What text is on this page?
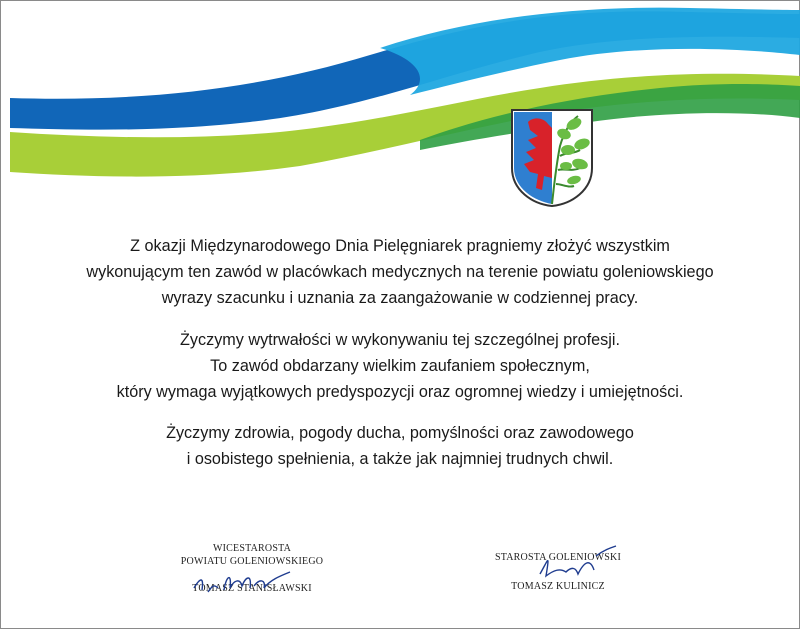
Z okazji Międzynarodowego Dnia Pielęgniarek pragniemy złożyć wszystkim
wykonującym ten zawód w placówkach medycznych na terenie powiatu goleniowskiego
wyrazy szacunku i uznania za zaangażowanie w codziennej pracy.
Życzymy wytrwałości w wykonywaniu tej szczególnej profesji.
To zawód obdarzany wielkim zaufaniem społecznym,
który wymaga wyjątkowych predyspozycji oraz ogromnej wiedzy i umiejętności.
Życzymy zdrowia, pogody ducha, pomyślności oraz zawodowego
i osobistego spełnienia, a także jak najmniej trudnych chwil.
WICESTAROSTA
POWIATU GOLENIOWSKIEGO
TOMASZ STANISŁAWSKI
STAROSTA GOLENIOWSKI
TOMASZ KULINICZ
